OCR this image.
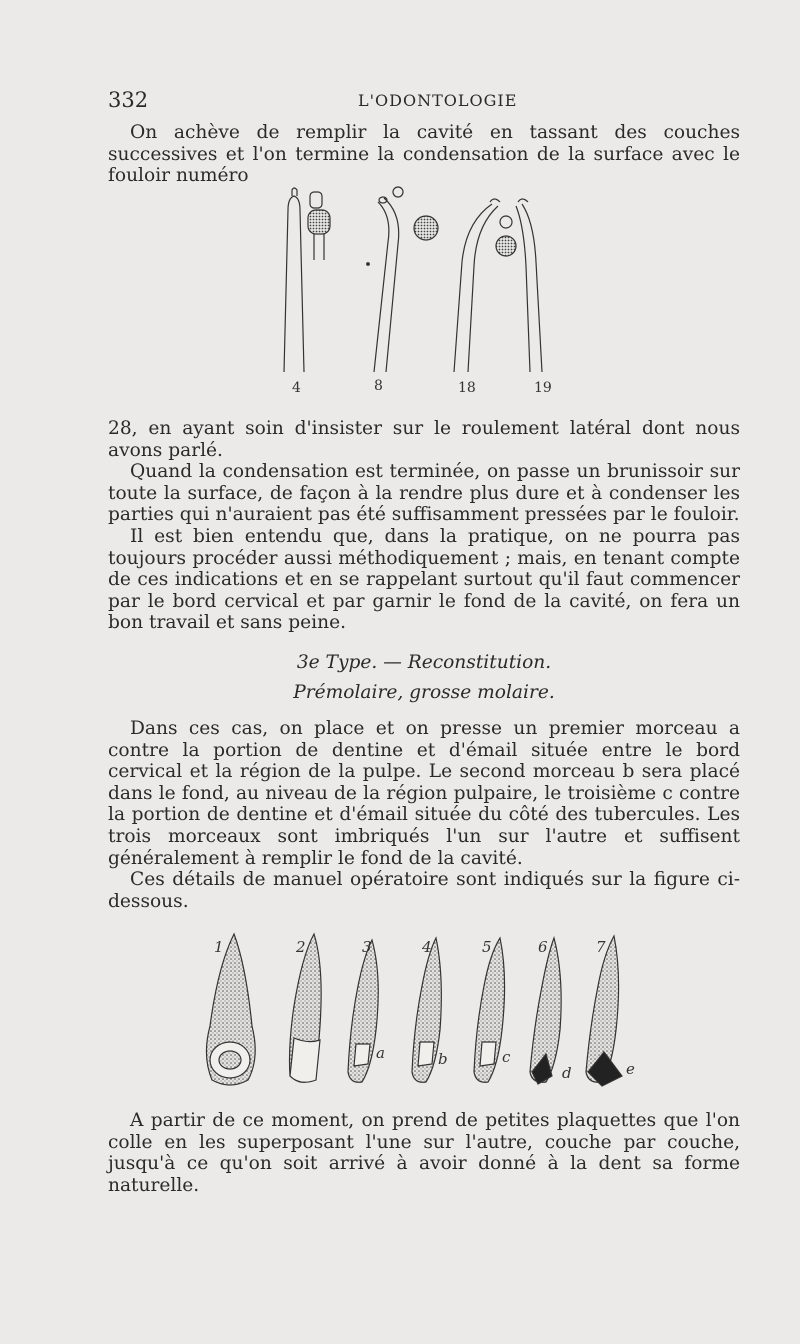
332	L'ODONTOLOGIE

On achève de remplir la cavité en tassant des couches successives et l'on termine la condensation de la surface avec le fouloir numéro

4	8	18	19

28, en ayant soin d'insister sur le roulement latéral dont nous avons parlé.

Quand la condensation est terminée, on passe un brunissoir sur toute la surface, de façon à la rendre plus dure et à condenser les parties qui n'auraient pas été suffisamment pressées par le fouloir.

Il est bien entendu que, dans la pratique, on ne pourra pas toujours procéder aussi méthodiquement ; mais, en tenant compte de ces indications et en se rappelant surtout qu'il faut commencer par le bord cervical et par garnir le fond de la cavité, on fera un bon travail et sans peine.

3e Type. — Reconstitution.
Prémolaire, grosse molaire.

Dans ces cas, on place et on presse un premier morceau a contre la portion de dentine et d'émail située entre le bord cervical et la région de la pulpe. Le second morceau b sera placé dans le fond, au niveau de la région pulpaire, le troisième c contre la portion de dentine et d'émail située du côté des tubercules. Les trois morceaux sont imbriqués l'un sur l'autre et suffisent généralement à remplir le fond de la cavité.

Ces détails de manuel opératoire sont indiqués sur la figure ci-dessous.

1	2	3	4	5	6	7
a	b	c
d	e

A partir de ce moment, on prend de petites plaquettes que l'on colle en les superposant l'une sur l'autre, couche par couche, jusqu'à ce qu'on soit arrivé à avoir donné à la dent sa forme naturelle.
